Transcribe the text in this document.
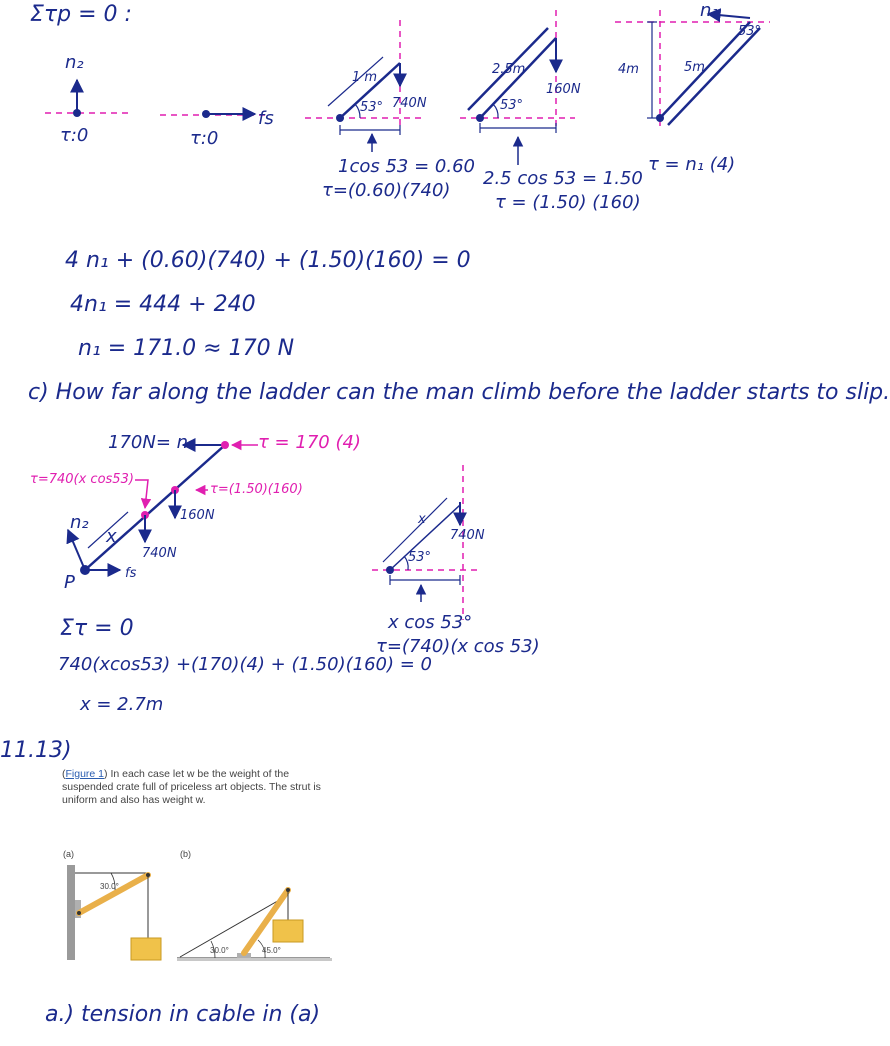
Στp = 0 :
n₂
fs
τ:0	τ:0
1 m
53° 740N
1cos 53 = 0.60
τ=(0.60)(740)
2.5m
53°
160N
2.5 cos 53 = 1.50
τ = (1.50) (160)
n₁
53°
4m	5m
τ = n₁ (4)
4 n₁ + (0.60)(740) + (1.50)(160) = 0
4n₁ = 444 + 240
n₁ = 171.0 ≈ 170 N
c) How far along the ladder can the man climb before the ladder starts to slip.
170N= n₁	τ = 170 (4)
τ=740(x cos53)
τ=(1.50)(160)
160N
740N
n₂
x
P	fs
x
740N
53°
x cos 53°
τ=(740)(x cos 53)
Στ = 0
740(xcos53) +(170)(4) + (1.50)(160) = 0
x = 2.7m
11.13)
(Figure 1) In each case let w be the weight of the
suspended crate full of priceless art objects. The strut is
uniform and also has weight w.
(a)	(b)
30.0°
30.0°	45.0°
a.) tension in cable in (a)
